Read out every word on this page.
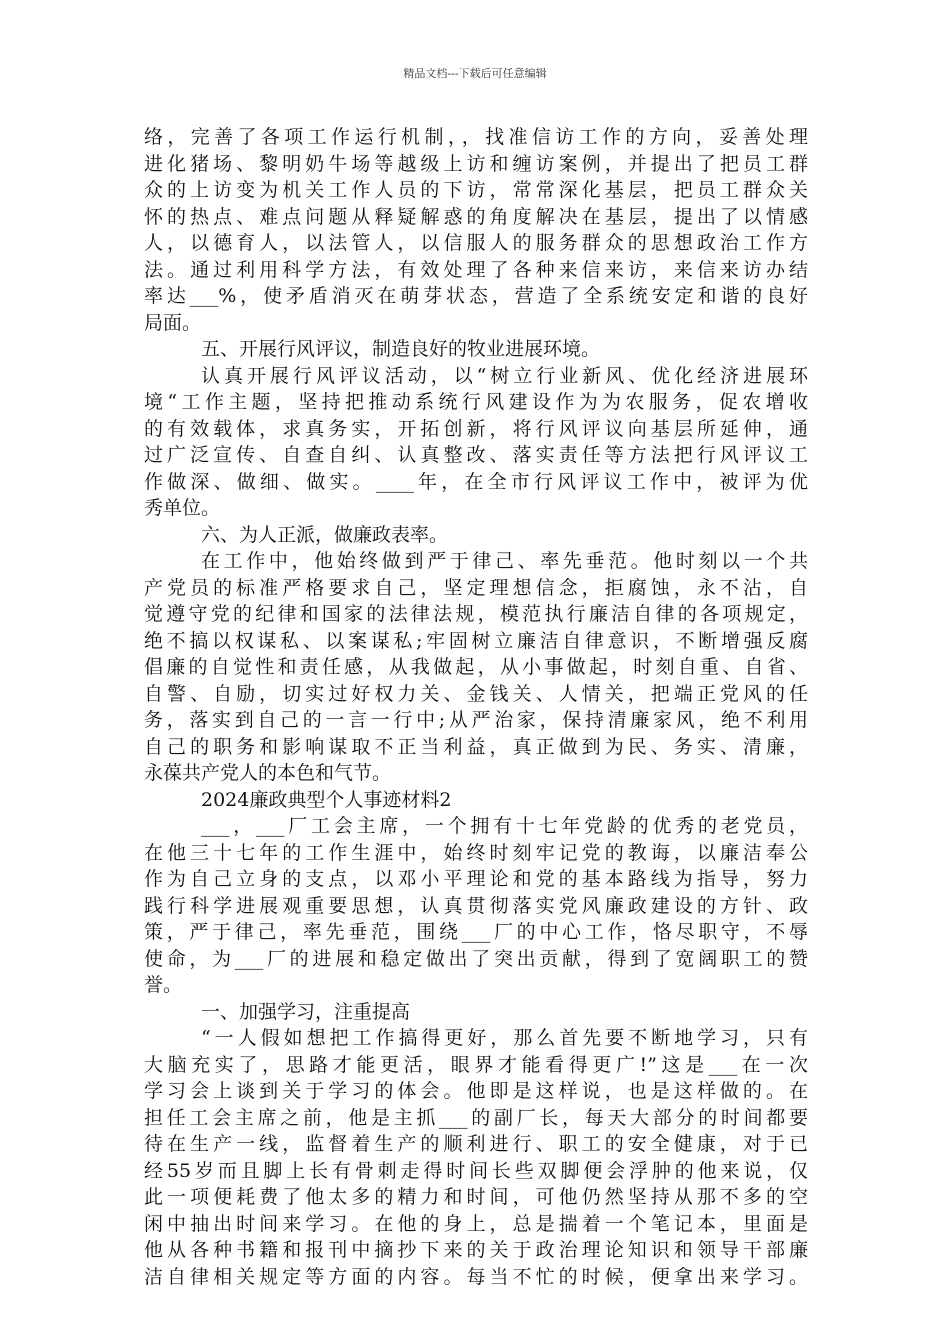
精品文档---下载后可任意编辑
络，完善了各项工作运行机制，，找准信访工作的方向，妥善处理
进化猪场、黎明奶牛场等越级上访和缠访案例，并提出了把员工群
众的上访变为机关工作人员的下访，常常深化基层，把员工群众关
怀的热点、难点问题从释疑解惑的角度解决在基层，提出了以情感
人，以德育人，以法管人，以信服人的服务群众的思想政治工作方
法。通过利用科学方法，有效处理了各种来信来访，来信来访办结
率达___%，使矛盾消灭在萌芽状态，营造了全系统安定和谐的良好
局面。
五、开展行风评议，制造良好的牧业进展环境。
认真开展行风评议活动，以“树立行业新风、优化经济进展环
境“工作主题，坚持把推动系统行风建设作为为农服务，促农增收
的有效载体，求真务实，开拓创新，将行风评议向基层所延伸，通
过广泛宣传、自查自纠、认真整改、落实责任等方法把行风评议工
作做深、做细、做实。____年，在全市行风评议工作中，被评为优
秀单位。
六、为人正派，做廉政表率。
在工作中，他始终做到严于律己、率先垂范。他时刻以一个共
产党员的标准严格要求自己，坚定理想信念，拒腐蚀，永不沾，自
觉遵守党的纪律和国家的法律法规，模范执行廉洁自律的各项规定，
绝不搞以权谋私、以案谋私;牢固树立廉洁自律意识，不断增强反腐
倡廉的自觉性和责任感，从我做起，从小事做起，时刻自重、自省、
自警、自励，切实过好权力关、金钱关、人情关，把端正党风的任
务，落实到自己的一言一行中;从严治家，保持清廉家风，绝不利用
自己的职务和影响谋取不正当利益，真正做到为民、务实、清廉，
永葆共产党人的本色和气节。
2024廉政典型个人事迹材料2
___，___厂工会主席，一个拥有十七年党龄的优秀的老党员，
在他三十七年的工作生涯中，始终时刻牢记党的教诲，以廉洁奉公
作为自己立身的支点，以邓小平理论和党的基本路线为指导，努力
践行科学进展观重要思想，认真贯彻落实党风廉政建设的方针、政
策，严于律己，率先垂范，围绕___厂的中心工作，恪尽职守，不辱
使命，为___厂的进展和稳定做出了突出贡献，得到了宽阔职工的赞
誉。
一、加强学习，注重提高
“一人假如想把工作搞得更好，那么首先要不断地学习，只有
大脑充实了，思路才能更活，眼界才能看得更广!”这是___在一次
学习会上谈到关于学习的体会。他即是这样说，也是这样做的。在
担任工会主席之前，他是主抓___的副厂长，每天大部分的时间都要
待在生产一线，监督着生产的顺利进行、职工的安全健康，对于已
经55岁而且脚上长有骨刺走得时间长些双脚便会浮肿的他来说，仅
此一项便耗费了他太多的精力和时间，可他仍然坚持从那不多的空
闲中抽出时间来学习。在他的身上，总是揣着一个笔记本，里面是
他从各种书籍和报刊中摘抄下来的关于政治理论知识和领导干部廉
洁自律相关规定等方面的内容。每当不忙的时候，便拿出来学习。
